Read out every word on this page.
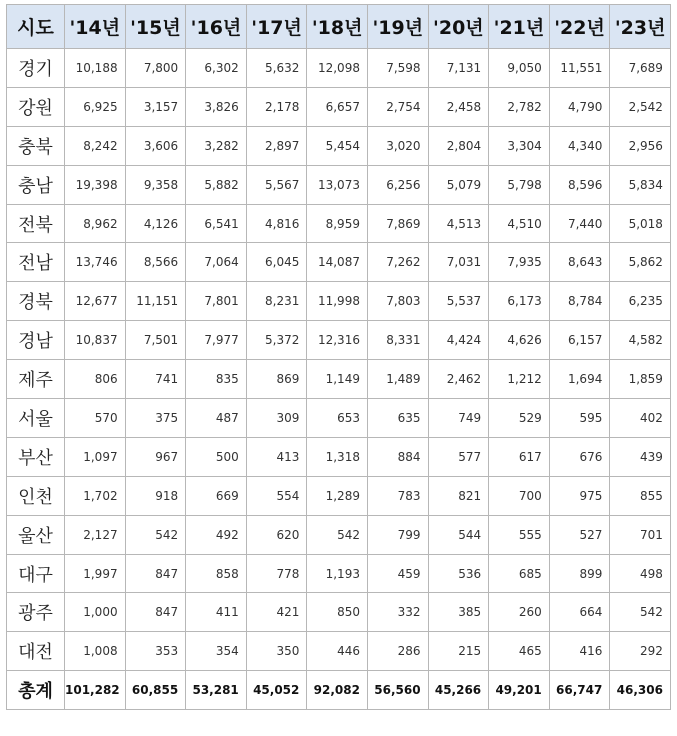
시도	'14년	'15년	'16년	'17년	'18년	'19년	'20년	'21년	'22년	'23년
경기	10,188	7,800	6,302	5,632	12,098	7,598	7,131	9,050	11,551	7,689
강원	6,925	3,157	3,826	2,178	6,657	2,754	2,458	2,782	4,790	2,542
충북	8,242	3,606	3,282	2,897	5,454	3,020	2,804	3,304	4,340	2,956
충남	19,398	9,358	5,882	5,567	13,073	6,256	5,079	5,798	8,596	5,834
전북	8,962	4,126	6,541	4,816	8,959	7,869	4,513	4,510	7,440	5,018
전남	13,746	8,566	7,064	6,045	14,087	7,262	7,031	7,935	8,643	5,862
경북	12,677	11,151	7,801	8,231	11,998	7,803	5,537	6,173	8,784	6,235
경남	10,837	7,501	7,977	5,372	12,316	8,331	4,424	4,626	6,157	4,582
제주	806	741	835	869	1,149	1,489	2,462	1,212	1,694	1,859
서울	570	375	487	309	653	635	749	529	595	402
부산	1,097	967	500	413	1,318	884	577	617	676	439
인천	1,702	918	669	554	1,289	783	821	700	975	855
울산	2,127	542	492	620	542	799	544	555	527	701
대구	1,997	847	858	778	1,193	459	536	685	899	498
광주	1,000	847	411	421	850	332	385	260	664	542
대전	1,008	353	354	350	446	286	215	465	416	292
총계	101,282	60,855	53,281	45,052	92,082	56,560	45,266	49,201	66,747	46,306
